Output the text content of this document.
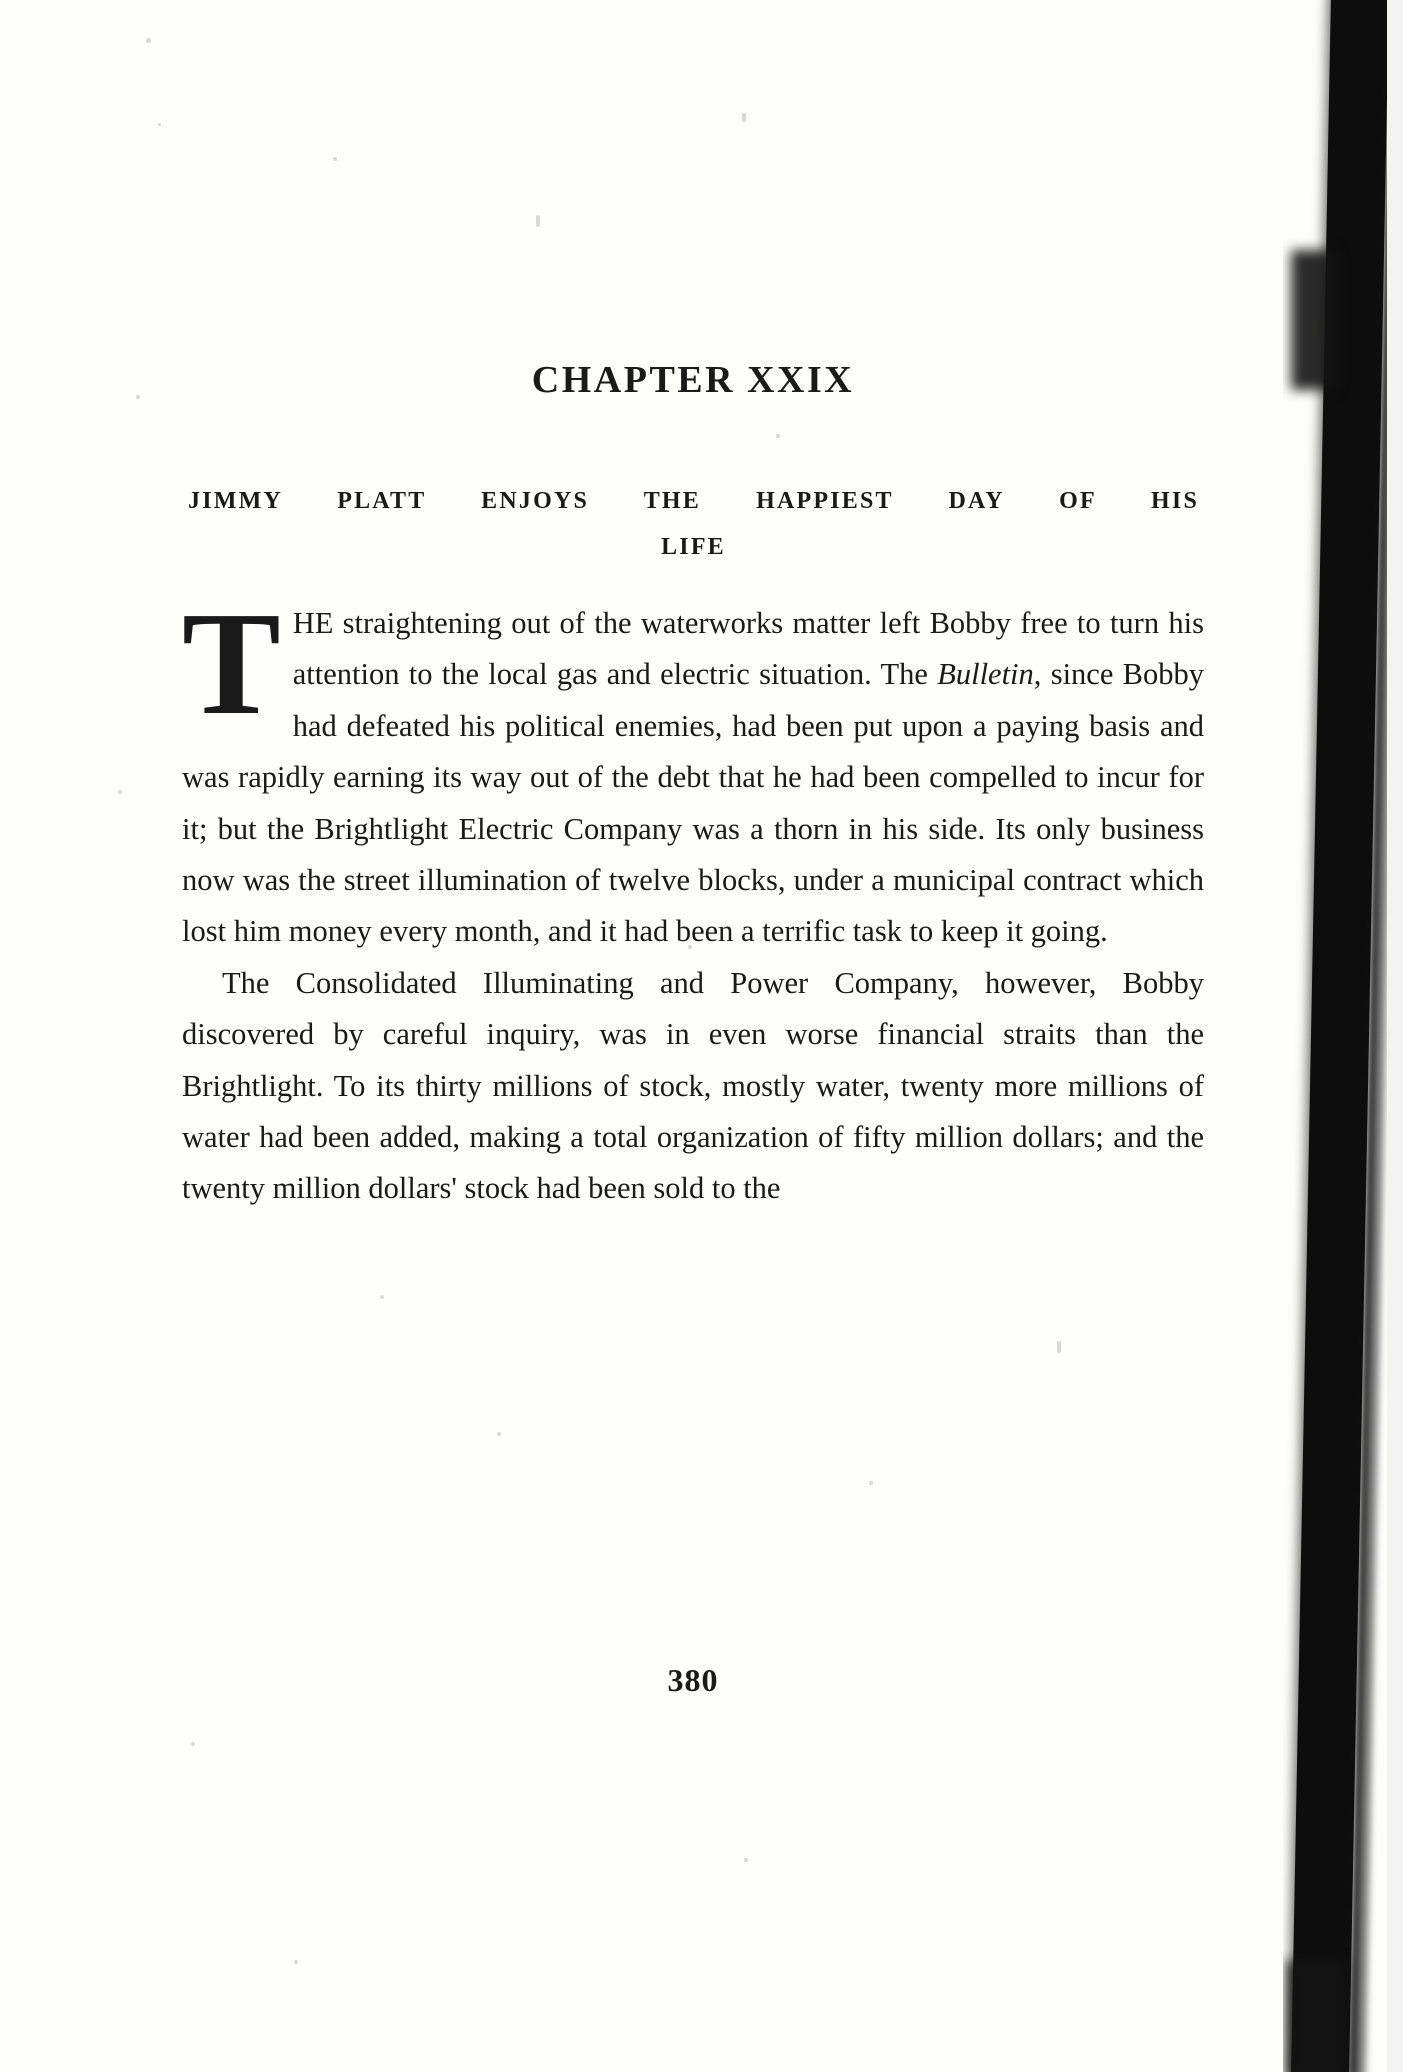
CHAPTER XXIX
JIMMY PLATT ENJOYS THE HAPPIEST DAY OF HIS
LIFE

THE straightening out of the waterworks matter left Bobby free to turn his attention to the local gas and electric situation. The Bulletin, since Bobby had defeated his political enemies, had been put upon a paying basis and was rapidly earning its way out of the debt that he had been compelled to incur for it; but the Brightlight Electric Company was a thorn in his side. Its only business now was the street illumination of twelve blocks, under a municipal contract which lost him money every month, and it had been a terrific task to keep it going.

The Consolidated Illuminating and Power Company, however, Bobby discovered by careful inquiry, was in even worse financial straits than the Brightlight. To its thirty millions of stock, mostly water, twenty more millions of water had been added, making a total organization of fifty million dollars; and the twenty million dollars' stock had been sold to the

380
